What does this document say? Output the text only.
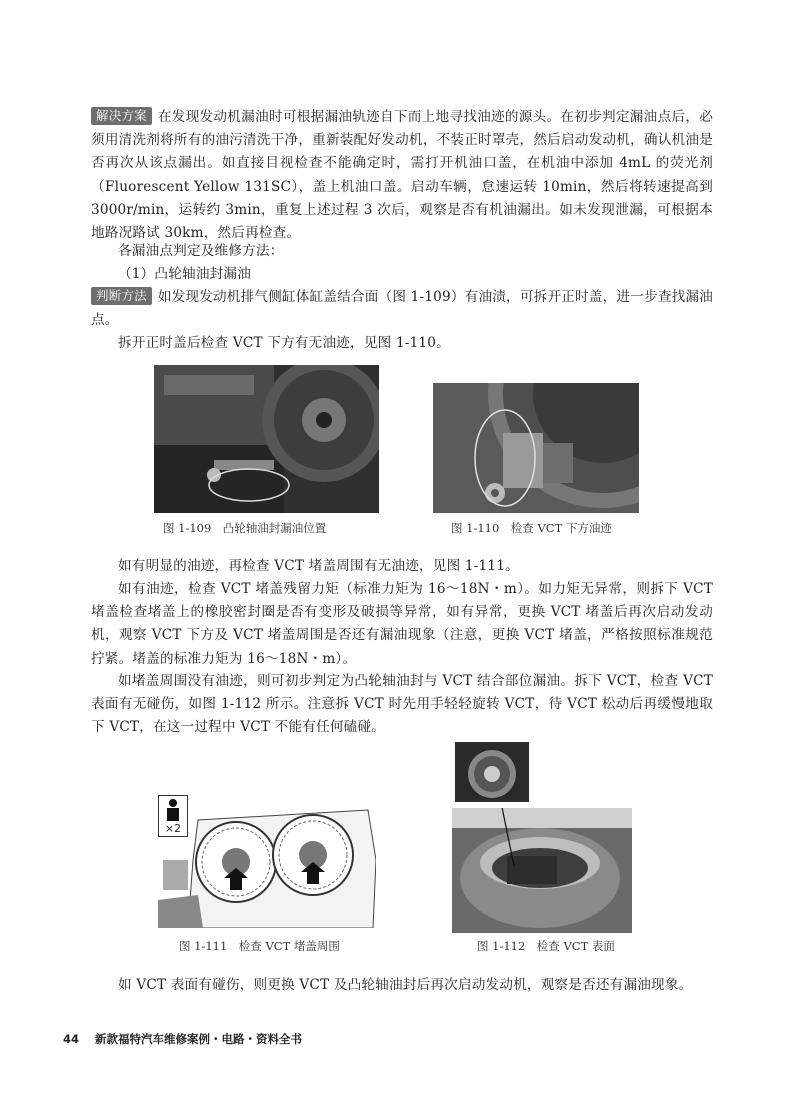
解决方案 在发现发动机漏油时可根据漏油轨迹自下而上地寻找油迹的源头。在初步判定漏油点后，必须用清洗剂将所有的油污清洗干净，重新装配好发动机，不装正时罩壳，然后启动发动机，确认机油是否再次从该点漏出。如直接目视检查不能确定时，需打开机油口盖，在机油中添加 4mL 的荧光剂（Fluorescent Yellow 131SC），盖上机油口盖。启动车辆，怠速运转 10min，然后将转速提高到 3000r/min，运转约 3min，重复上述过程 3 次后，观察是否有机油漏出。如未发现泄漏，可根据本地路况路试 30km，然后再检查。
各漏油点判定及维修方法：
（1）凸轮轴油封漏油
判断方法 如发现发动机排气侧缸体缸盖结合面（图 1-109）有油渍，可拆开正时盖，进一步查找漏油点。
拆开正时盖后检查 VCT 下方有无油迹，见图 1-110。
图 1-109　凸轮轴油封漏油位置	图 1-110　检查 VCT 下方油迹
如有明显的油迹，再检查 VCT 堵盖周围有无油迹，见图 1-111。
如有油迹，检查 VCT 堵盖残留力矩（标准力矩为 16～18N・m）。如力矩无异常，则拆下 VCT 堵盖检查堵盖上的橡胶密封圈是否有变形及破损等异常，如有异常，更换 VCT 堵盖后再次启动发动机，观察 VCT 下方及 VCT 堵盖周围是否还有漏油现象（注意，更换 VCT 堵盖，严格按照标准规范拧紧。堵盖的标准力矩为 16～18N・m）。
如堵盖周围没有油迹，则可初步判定为凸轮轴油封与 VCT 结合部位漏油。拆下 VCT，检查 VCT 表面有无碰伤，如图 1-112 所示。注意拆 VCT 时先用手轻轻旋转 VCT，待 VCT 松动后再缓慢地取下 VCT，在这一过程中 VCT 不能有任何磕碰。
×2
图 1-111　检查 VCT 堵盖周围	图 1-112　检查 VCT 表面
如 VCT 表面有碰伤，则更换 VCT 及凸轮轴油封后再次启动发动机，观察是否还有漏油现象。
44 新款福特汽车维修案例・电路・资料全书
